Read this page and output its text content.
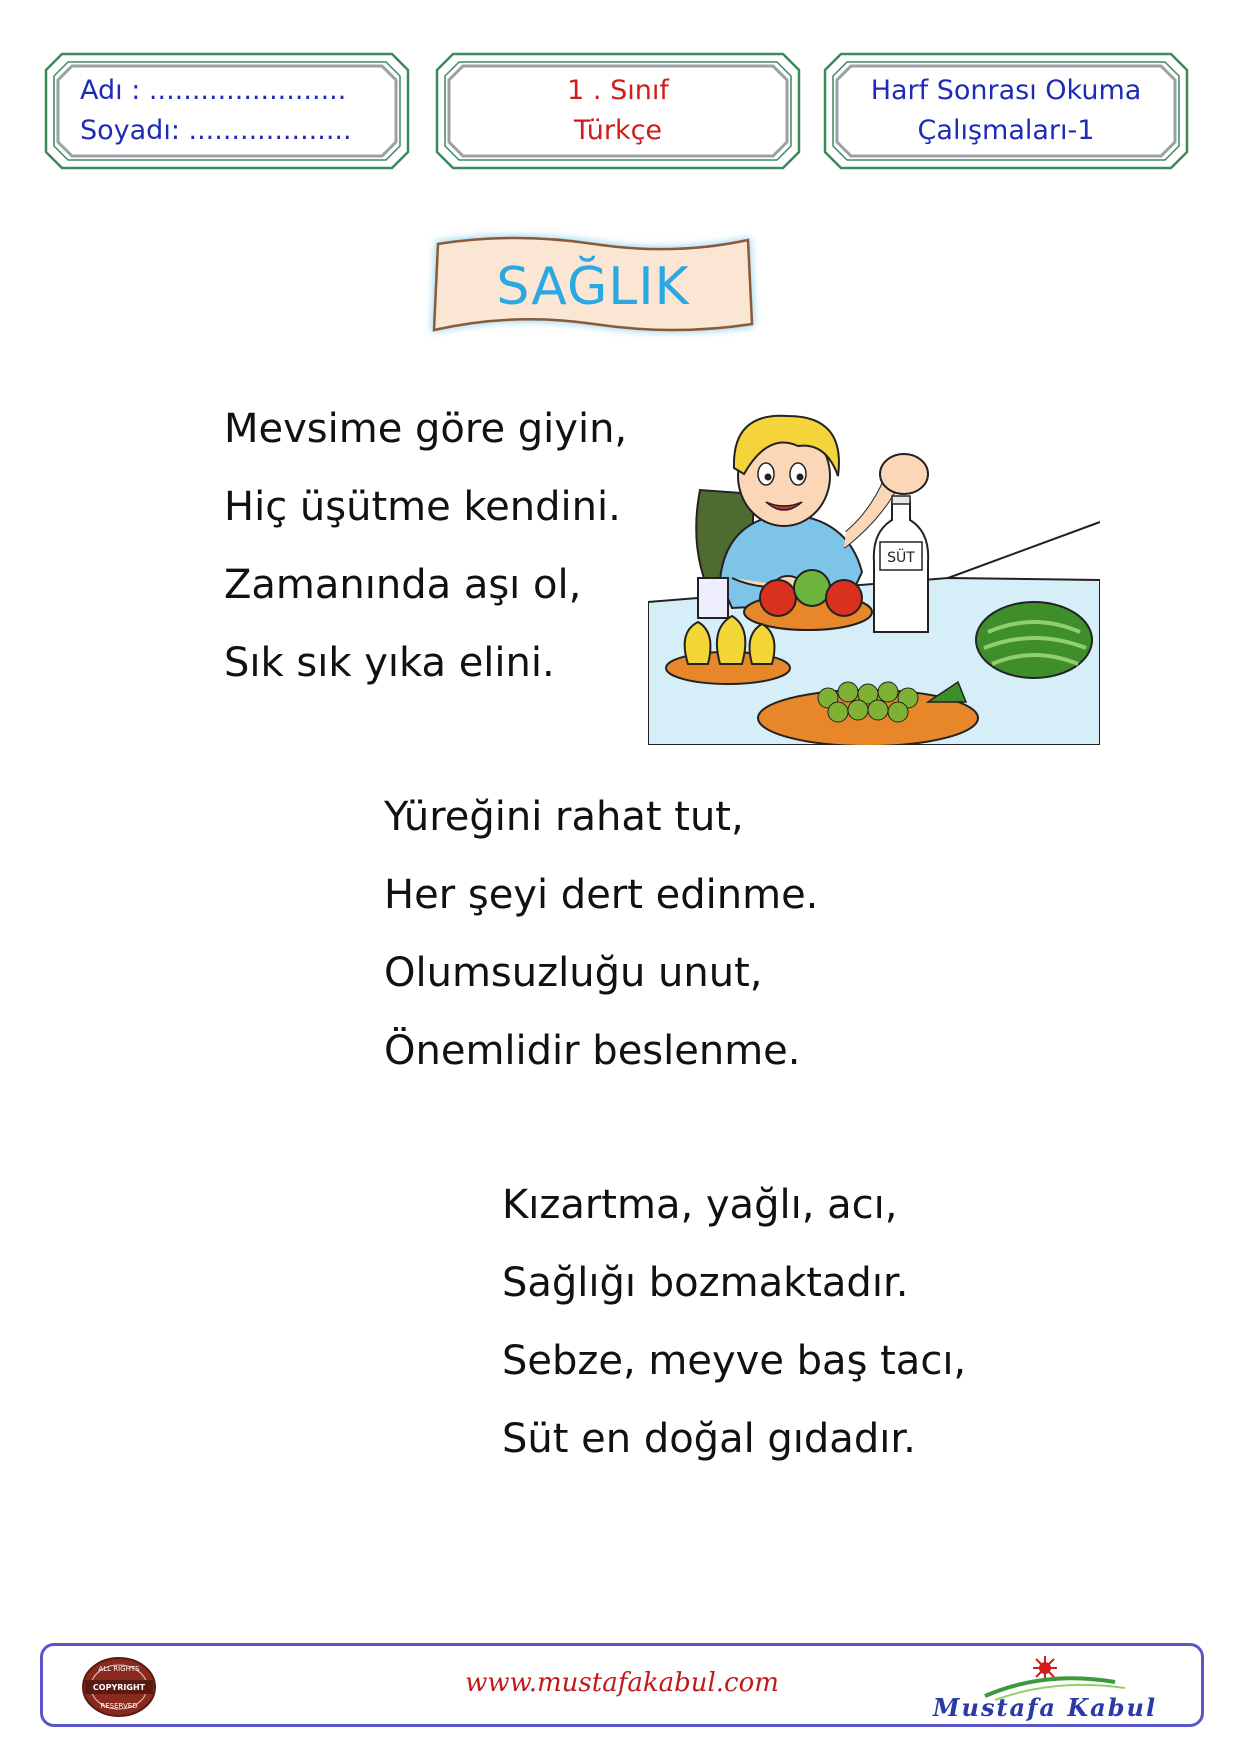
Adı : .......................
Soyadı: ...................
1 . Sınıf
Türkçe
Harf Sonrası Okuma
Çalışmaları-1
SAĞLIK
Mevsime göre giyin,
Hiç üşütme kendini.
Zamanında aşı ol,
Sık sık yıka elini.
Yüreğini rahat tut,
Her şeyi dert edinme.
Olumsuzluğu unut,
Önemlidir beslenme.
Kızartma, yağlı, acı,
Sağlığı bozmaktadır.
Sebze, meyve baş tacı,
Süt en doğal gıdadır.
SÜT
ALL RIGHTS
COPYRIGHT
RESERVED
www.mustafakabul.com
Mustafa Kabul
